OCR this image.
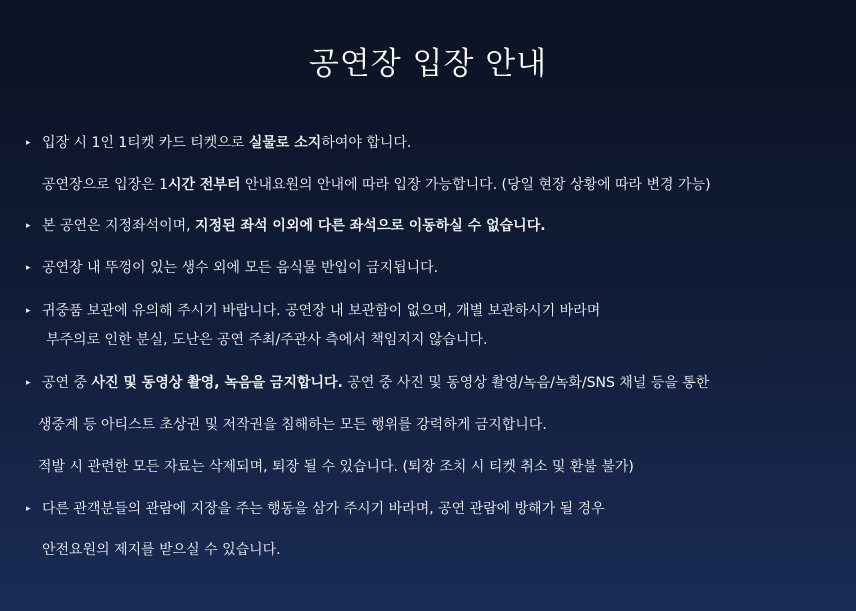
공연장 입장 안내
▸ 입장 시 1인 1티켓 카드 티켓으로 실물로 소지하여야 합니다.
공연장으로 입장은 1시간 전부터 안내요원의 안내에 따라 입장 가능합니다. (당일 현장 상황에 따라 변경 가능)
▸ 본 공연은 지정좌석이며, 지정된 좌석 이외에 다른 좌석으로 이동하실 수 없습니다.
▸ 공연장 내 뚜껑이 있는 생수 외에 모든 음식물 반입이 금지됩니다.
▸ 귀중품 보관에 유의해 주시기 바랍니다. 공연장 내 보관함이 없으며, 개별 보관하시기 바라며
부주의로 인한 분실, 도난은 공연 주최/주관사 측에서 책임지지 않습니다.
▸ 공연 중 사진 및 동영상 촬영, 녹음을 금지합니다. 공연 중 사진 및 동영상 촬영/녹음/녹화/SNS 채널 등을 통한
생중계 등 아티스트 초상권 및 저작권을 침해하는 모든 행위를 강력하게 금지합니다.
적발 시 관련한 모든 자료는 삭제되며, 퇴장 될 수 있습니다. (퇴장 조치 시 티켓 취소 및 환불 불가)
▸ 다른 관객분들의 관람에 지장을 주는 행동을 삼가 주시기 바라며, 공연 관람에 방해가 될 경우
안전요원의 제지를 받으실 수 있습니다.
